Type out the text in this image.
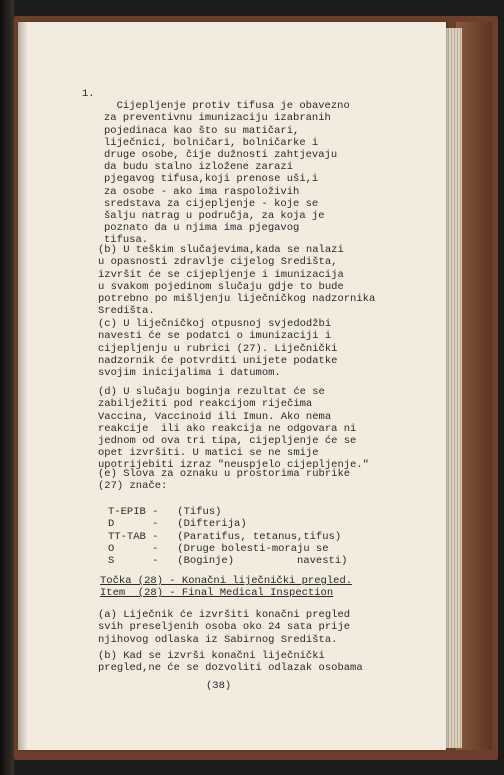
1.

Cijepljenje protiv tifusa je obavezno
za preventivnu imunizaciju izabranih
pojedinaca kao što su matičari,
liječnici, bolničari, bolničarke i
druge osobe, čije dužnosti zahtjevaju
da budu stalno izložene zarazi
pjegavog tifusa,koji prenose uši,i
za osobe - ako ima raspoloživih
sredstava za cijepljenje - koje se
šalju natrag u područja, za koja je
poznato da u njima ima pjegavog
tifusa.

(b) U teškim slučajevima,kada se nalazi
u opasnosti zdravlje cijelog Središta,
izvršit će se cijepljenje i imunizacija
u svakom pojedinom slučaju gdje to bude
potrebno po mišljenju liječničkog nadzornika
Središta.

(c) U liječničkoj otpusnoj svjedodžbi
navesti će se podatci o imunizaciji i
cijepljenju u rubrici (27). Liječnički
nadzornik će potvrditi unijete podatke
svojim inicijalima i datumom.

(d) U slučaju boginja rezultat će se
zabilježiti pod reakcijom riječima
Vaccina, Vaccinoid ili Imun. Ako nema
reakcije  ili ako reakcija ne odgovara ni
jednom od ova tri tipa, cijepljenje će se
opet izvršiti. U matici se ne smije
upotrijebiti izraz "neuspjelo cijepljenje."

(e) Slova za oznaku u prostorima rubrike
(27) znače:

T-EPIB -   (Tifus)
D      -   (Difterija)
TT-TAB -   (Paratifus, tetanus,tifus)
O      -   (Druge bolesti-moraju se
S      -   (Boginje)          navesti)

Točka (28) - Konačni liječnički pregled.
Item  (28) - Final Medical Inspection

(a) Liječnik će izvršiti konačni pregled
svih preseljenih osoba oko 24 sata prije
njihovog odlaska iz Sabirnog Središta.

(b) Kad se izvrši konačni liječnički
pregled,ne će se dozvoliti odlazak osobama

(38)
